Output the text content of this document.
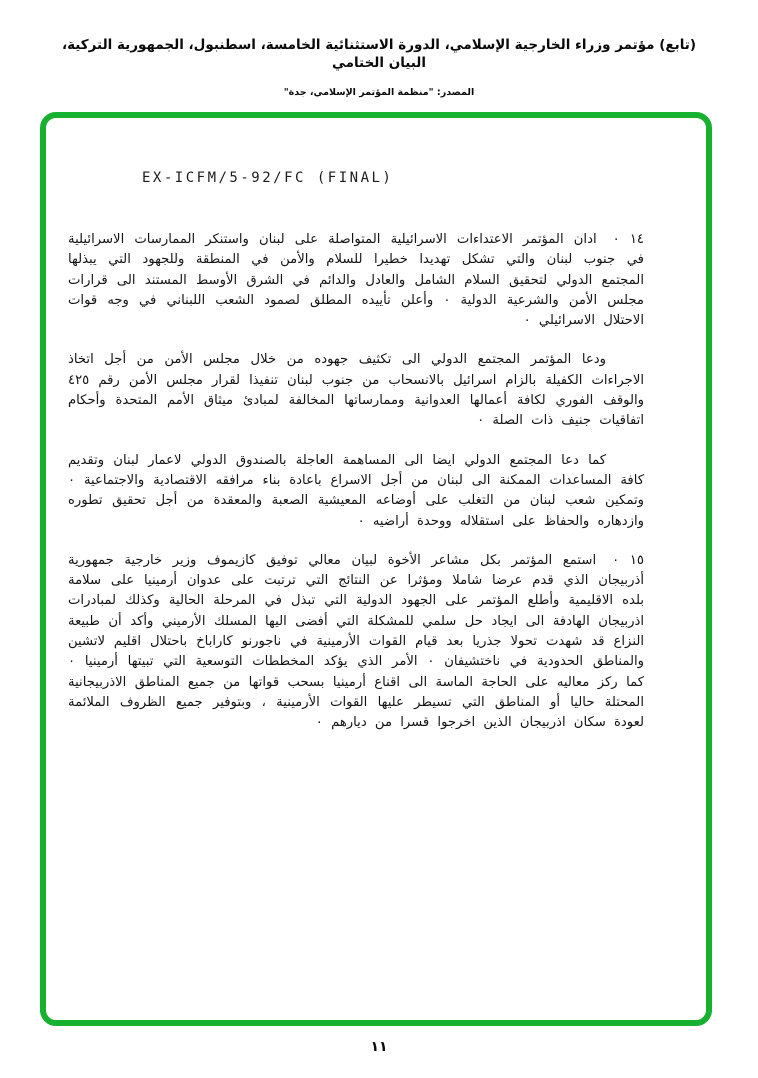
(تابع) مؤتمر وزراء الخارجية الإسلامي، الدورة الاستثنائية الخامسة، اسطنبول، الجمهورية التركية، البيان الختامي
المصدر: "منظمة المؤتمر الإسلامي، جدة"
EX-ICFM/5-92/FC (FINAL)

١٤ ٠ادان المؤتمر الاعتداءات الاسرائيلية المتواصلة على لبنان واستنكر الممارسات الاسرائيلية في جنوب لبنان والتي تشكل تهديدا خطيرا للسلام والأمن في المنطقة وللجهود التي يبذلها المجتمع الدولي لتحقيق السلام الشامل والعادل والدائم في الشرق الأوسط المستند الى قرارات مجلس الأمن والشرعية الدولية ٠ وأعلن تأييده المطلق لصمود الشعب اللبناني في وجه قوات الاحتلال الاسرائيلي ٠

ودعا المؤتمر المجتمع الدولي الى تكثيف جهوده من خلال مجلس الأمن من أجل اتخاذ الاجراءات الكفيلة بالزام اسرائيل بالانسحاب من جنوب لبنان تنفيذا لقرار مجلس الأمن رقم ٤٢٥ والوقف الفوري لكافة أعمالها العدوانية وممارساتها المخالفة لمبادئ ميثاق الأمم المتحدة وأحكام اتفاقيات جنيف ذات الصلة ٠

كما دعا المجتمع الدولي ايضا الى المساهمة العاجلة بالصندوق الدولي لاعمار لبنان وتقديم كافة المساعدات الممكنة الى لبنان من أجل الاسراع باعادة بناء مرافقه الاقتصادية والاجتماعية ٠ وتمكين شعب لبنان من التغلب على أوضاعه المعيشية الصعبة والمعقدة من أجل تحقيق تطوره وازدهاره والحفاظ على استقلاله ووحدة أراضيه ٠

١٥ ٠استمع المؤتمر بكل مشاعر الأخوة لبيان معالي توفيق كازيموف وزير خارجية جمهورية أذربيجان الذي قدم عرضا شاملا ومؤثرا عن النتائج التي ترتبت على عدوان أرمينيا على سلامة بلده الاقليمية وأطلع المؤتمر على الجهود الدولية التي تبذل في المرحلة الحالية وكذلك لمبادرات اذربيجان الهادفة الى ايجاد حل سلمي للمشكلة التي أفضى اليها المسلك الأرميني وأكد أن طبيعة النزاع قد شهدت تحولا جذريا بعد قيام القوات الأرمينية في ناجورنو كاراباخ باحتلال اقليم لاتشين والمناطق الحدودية في ناختشيفان ٠ الأمر الذي يؤكد المخططات التوسعية التي تبيتها أرمينيا ٠ كما ركز معاليه على الحاجة الماسة الى اقناع أرمينيا بسحب قواتها من جميع المناطق الاذربيجانية المحتلة حاليا أو المناطق التي تسيطر عليها القوات الأرمينية ، وبتوفير جميع الظروف الملائمة لعودة سكان اذربيجان الذين اخرجوا قسرا من ديارهم ٠

١١
